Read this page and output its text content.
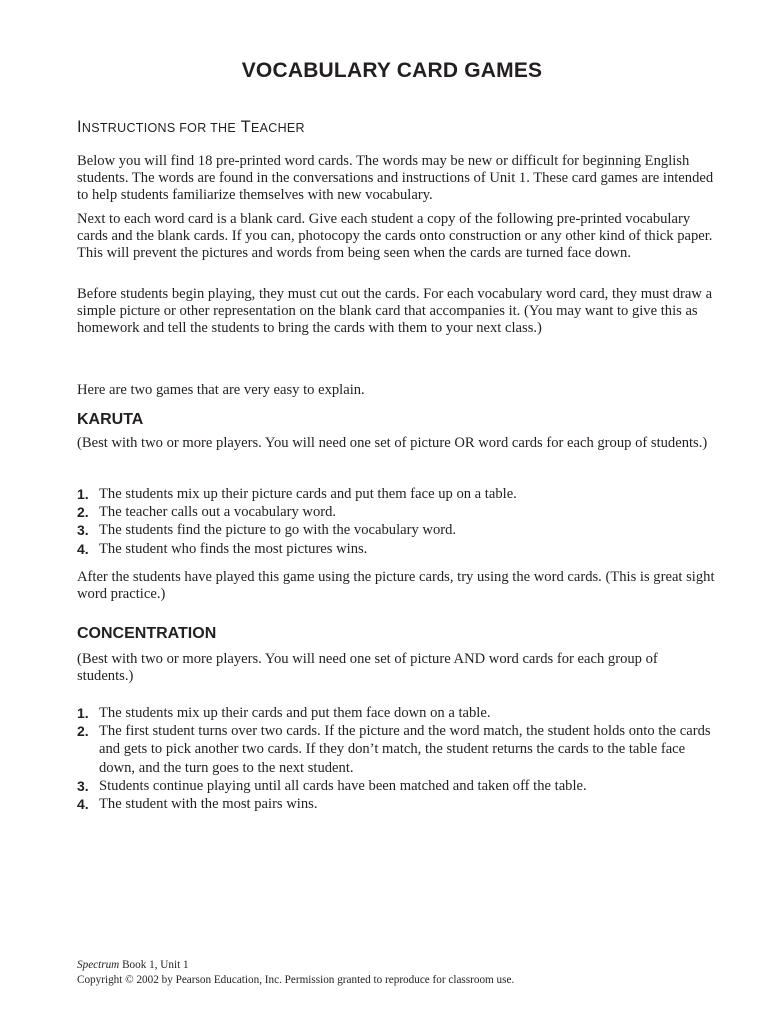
VOCABULARY CARD GAMES
INSTRUCTIONS FOR THE TEACHER

Below you will find 18 pre-printed word cards. The words may be new or difficult for beginning English students. The words are found in the conversations and instructions of Unit 1. These card games are intended to help students familiarize themselves with new vocabulary.

Next to each word card is a blank card. Give each student a copy of the following pre-printed vocabulary cards and the blank cards. If you can, photocopy the cards onto construction or any other kind of thick paper. This will prevent the pictures and words from being seen when the cards are turned face down.

Before students begin playing, they must cut out the cards. For each vocabulary word card, they must draw a simple picture or other representation on the blank card that accompanies it. (You may want to give this as homework and tell the students to bring the cards with them to your next class.)

Here are two games that are very easy to explain.

KARUTA

(Best with two or more players. You will need one set of picture OR word cards for each group of students.)

1. The students mix up their picture cards and put them face up on a table.
2. The teacher calls out a vocabulary word.
3. The students find the picture to go with the vocabulary word.
4. The student who finds the most pictures wins.

After the students have played this game using the picture cards, try using the word cards. (This is great sight word practice.)

CONCENTRATION

(Best with two or more players. You will need one set of picture AND word cards for each group of students.)

1. The students mix up their cards and put them face down on a table.
2. The first student turns over two cards. If the picture and the word match, the student holds onto the cards and gets to pick another two cards. If they don’t match, the student returns the cards to the table face down, and the turn goes to the next student.
3. Students continue playing until all cards have been matched and taken off the table.
4. The student with the most pairs wins.
Spectrum Book 1, Unit 1
Copyright © 2002 by Pearson Education, Inc. Permission granted to reproduce for classroom use.
